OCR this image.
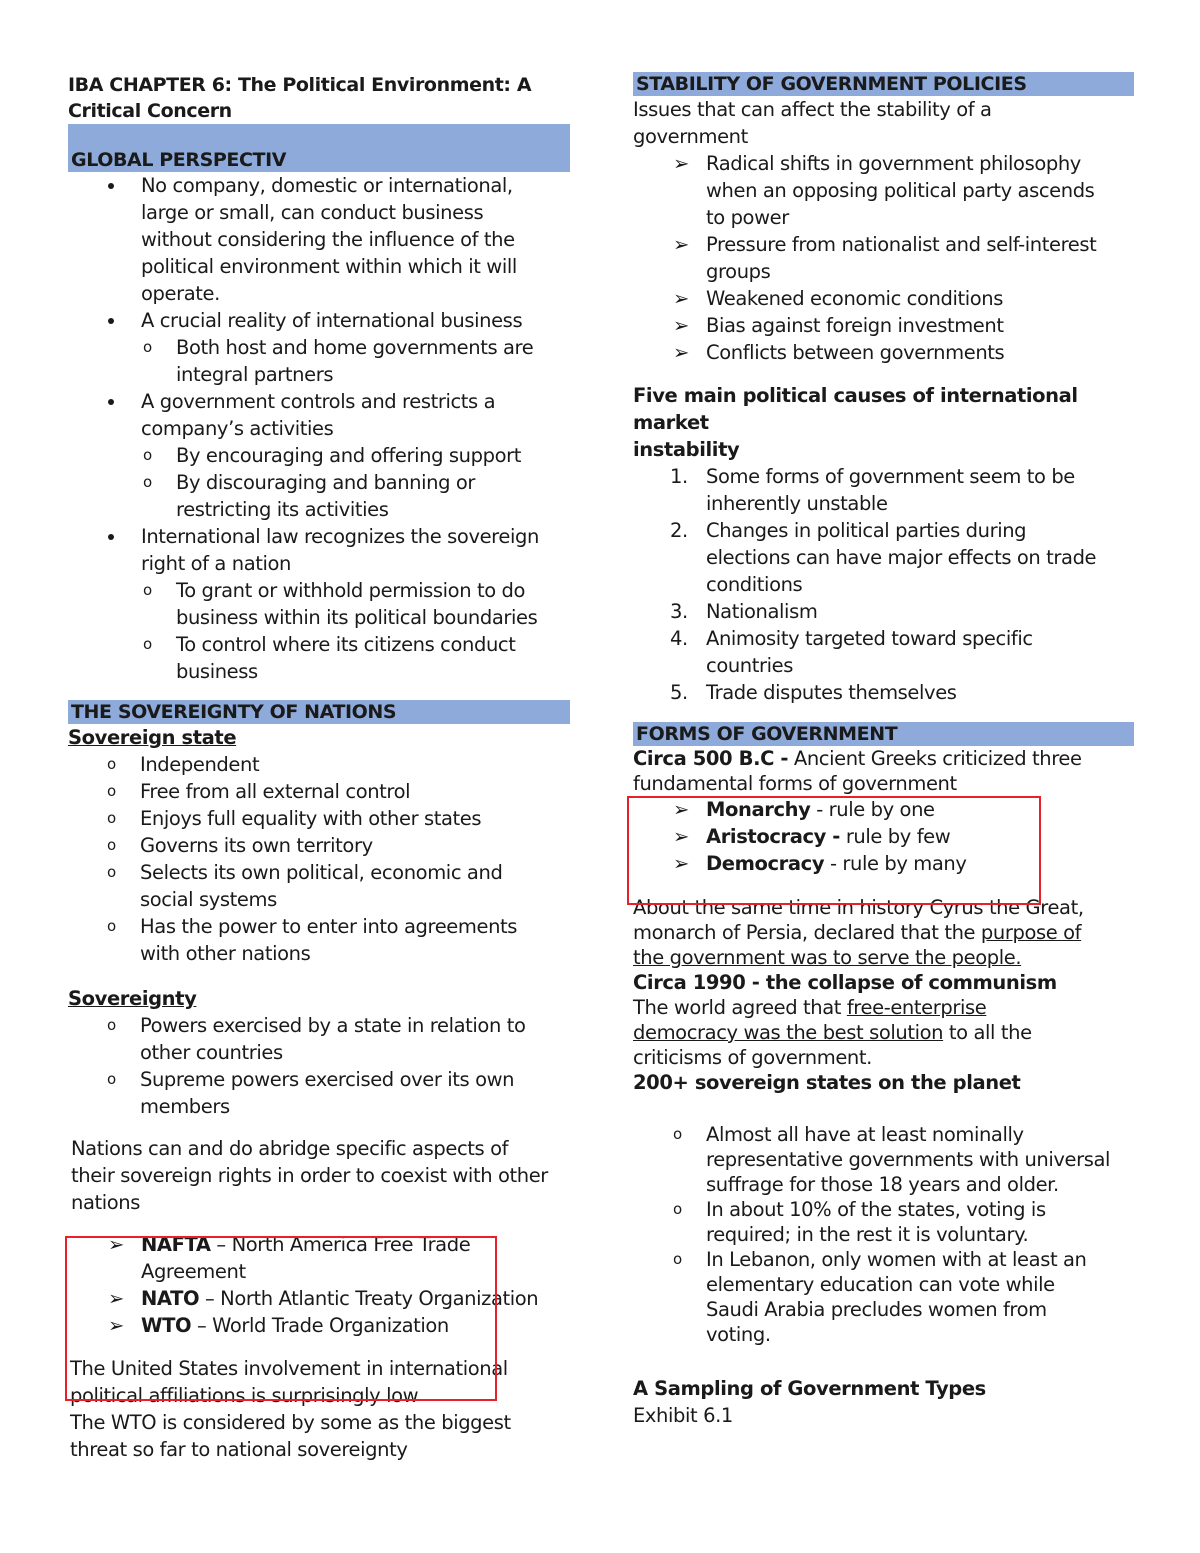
IBA CHAPTER 6: The Political Environment: A
Critical Concern

GLOBAL PERSPECTIV

No company, domestic or international,
large or small, can conduct business
without considering the influence of the
political environment within which it will
operate.
A crucial reality of international business
o Both host and home governments are
integral partners
A government controls and restricts a
company’s activities
o By encouraging and offering support
o By discouraging and banning or
restricting its activities
International law recognizes the sovereign
right of a nation
o To grant or withhold permission to do
business within its political boundaries
o To control where its citizens conduct
business

THE SOVEREIGNTY OF NATIONS

Sovereign state

o Independent
o Free from all external control
o Enjoys full equality with other states
o Governs its own territory
o Selects its own political, economic and
social systems
o Has the power to enter into agreements
with other nations

Sovereignty

o Powers exercised by a state in relation to
other countries
o Supreme powers exercised over its own
members

Nations can and do abridge specific aspects of
their sovereign rights in order to coexist with other
nations

➢ NAFTA – North America Free Trade
Agreement
➢ NATO – North Atlantic Treaty Organization
➢ WTO – World Trade Organization

The United States involvement in international
political affiliations is surprisingly low

The WTO is considered by some as the biggest
threat so far to national sovereignty

STABILITY OF GOVERNMENT POLICIES

Issues that can affect the stability of a
government

➢ Radical shifts in government philosophy
when an opposing political party ascends
to power
➢ Pressure from nationalist and self-interest
groups
➢ Weakened economic conditions
➢ Bias against foreign investment
➢ Conflicts between governments

Five main political causes of international market
instability

1. Some forms of government seem to be
inherently unstable
2. Changes in political parties during
elections can have major effects on trade
conditions
3. Nationalism
4. Animosity targeted toward specific
countries
5. Trade disputes themselves

FORMS OF GOVERNMENT

Circa 500 B.C - Ancient Greeks criticized three
fundamental forms of government

➢ Monarchy - rule by one
➢ Aristocracy - rule by few
➢ Democracy - rule by many

About the same time in history Cyrus the Great,
monarch of Persia, declared that the purpose of
the government was to serve the people.

Circa 1990 - the collapse of communism

The world agreed that free-enterprise
democracy was the best solution to all the
criticisms of government.

200+ sovereign states on the planet

o Almost all have at least nominally
representative governments with universal
suffrage for those 18 years and older.
o In about 10% of the states, voting is
required; in the rest it is voluntary.
o In Lebanon, only women with at least an
elementary education can vote while
Saudi Arabia precludes women from
voting.

A Sampling of Government Types

Exhibit 6.1
